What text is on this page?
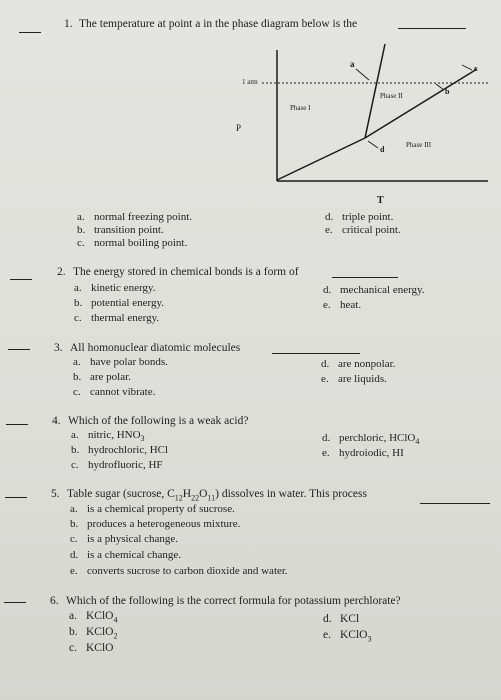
1. The temperature at point a in the phase diagram below is the
a
b
c
d
Phase I
Phase II
Phase III
1 atm
P
T
a. normal freezing point.
b. transition point.
c. normal boiling point.
d. triple point.
e. critical point.
2. The energy stored in chemical bonds is a form of
a. kinetic energy.
b. potential energy.
c. thermal energy.
d. mechanical energy.
e. heat.
3. All homonuclear diatomic molecules
a. have polar bonds.
b. are polar.
c. cannot vibrate.
d. are nonpolar.
e. are liquids.
4. Which of the following is a weak acid?
a. nitric, $HNO_3$
b. hydrochloric, HCl
c. hydrofluoric, HF
d. perchloric, HClO$_4$
e. hydroiodic, HI
5. Table sugar (sucrose, $C_{12}H_{22}O_{11}$) dissolves in water. This process
a. is a chemical property of sucrose.
b. produces a heterogeneous mixture.
c. is a physical change.
d. is a chemical change.
e. converts sucrose to carbon dioxide and water.
6. Which of the following is the correct formula for potassium perchlorate?
a. KClO$_4$
b. KClO$_2$
c. KClO
d. KCl
e. KClO$_3$
